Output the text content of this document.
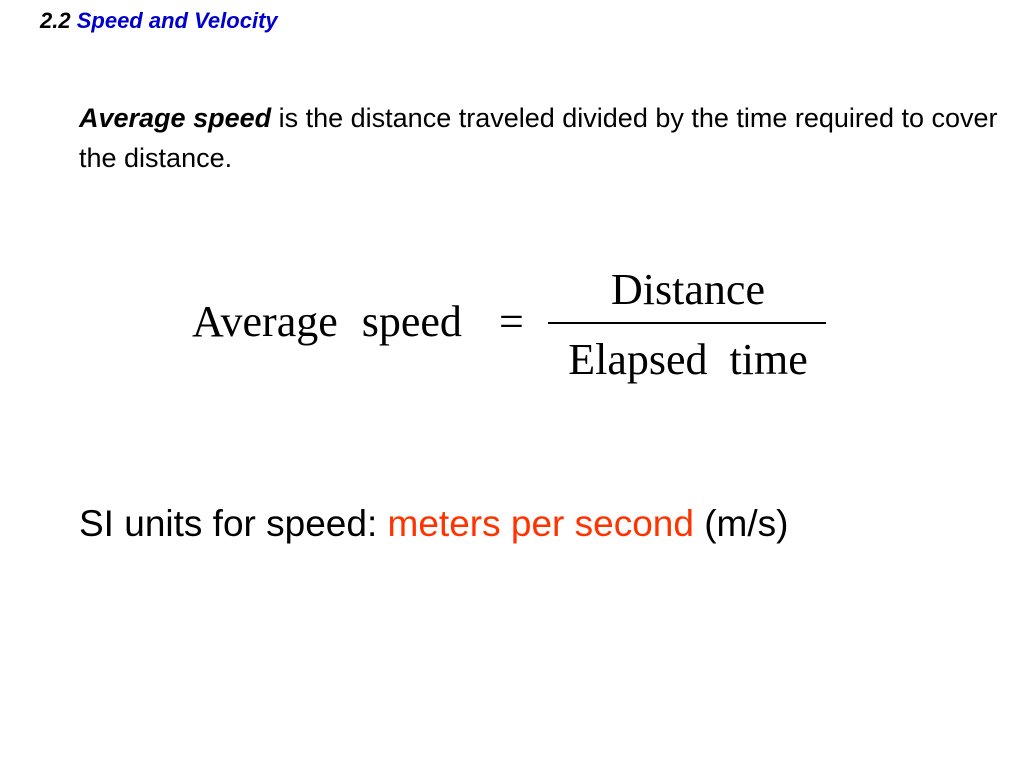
2.2 Speed and Velocity
Average speed is the distance traveled divided by the time required to cover the distance.
Average speed =
Distance
Elapsed time
SI units for speed: meters per second (m/s)
